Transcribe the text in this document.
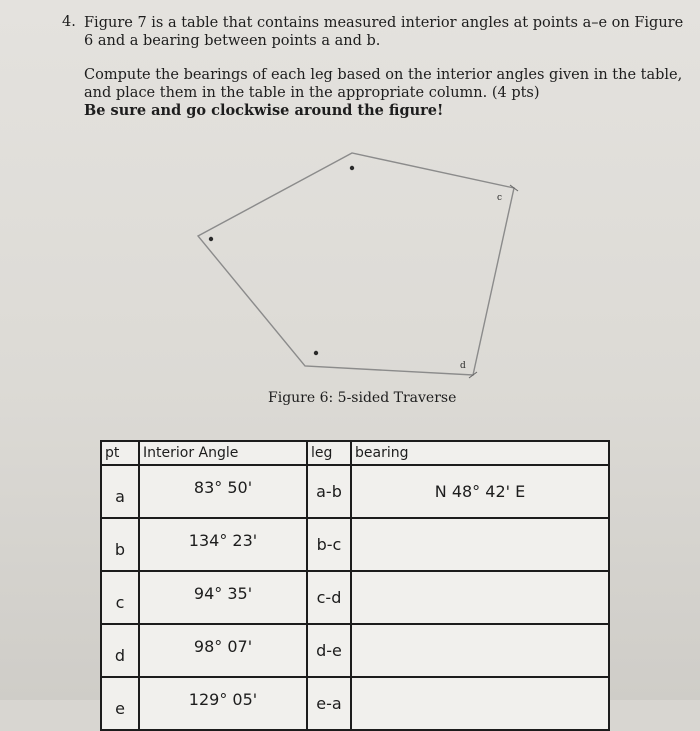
4. Figure 7 is a table that contains measured interior angles at points a–e on Figure 6 and a bearing between points a and b.
Compute the bearings of each leg based on the interior angles given in the table, and place them in the table in the appropriate column. (4 pts)
Be sure and go clockwise around the figure!
c
d
Figure 6: 5-sided Traverse
pt	Interior Angle	leg	bearing
a	83° 50'	a-b	N 48° 42' E
b	134° 23'	b-c	
c	94° 35'	c-d	
d	98° 07'	d-e	
e	129° 05'	e-a	
